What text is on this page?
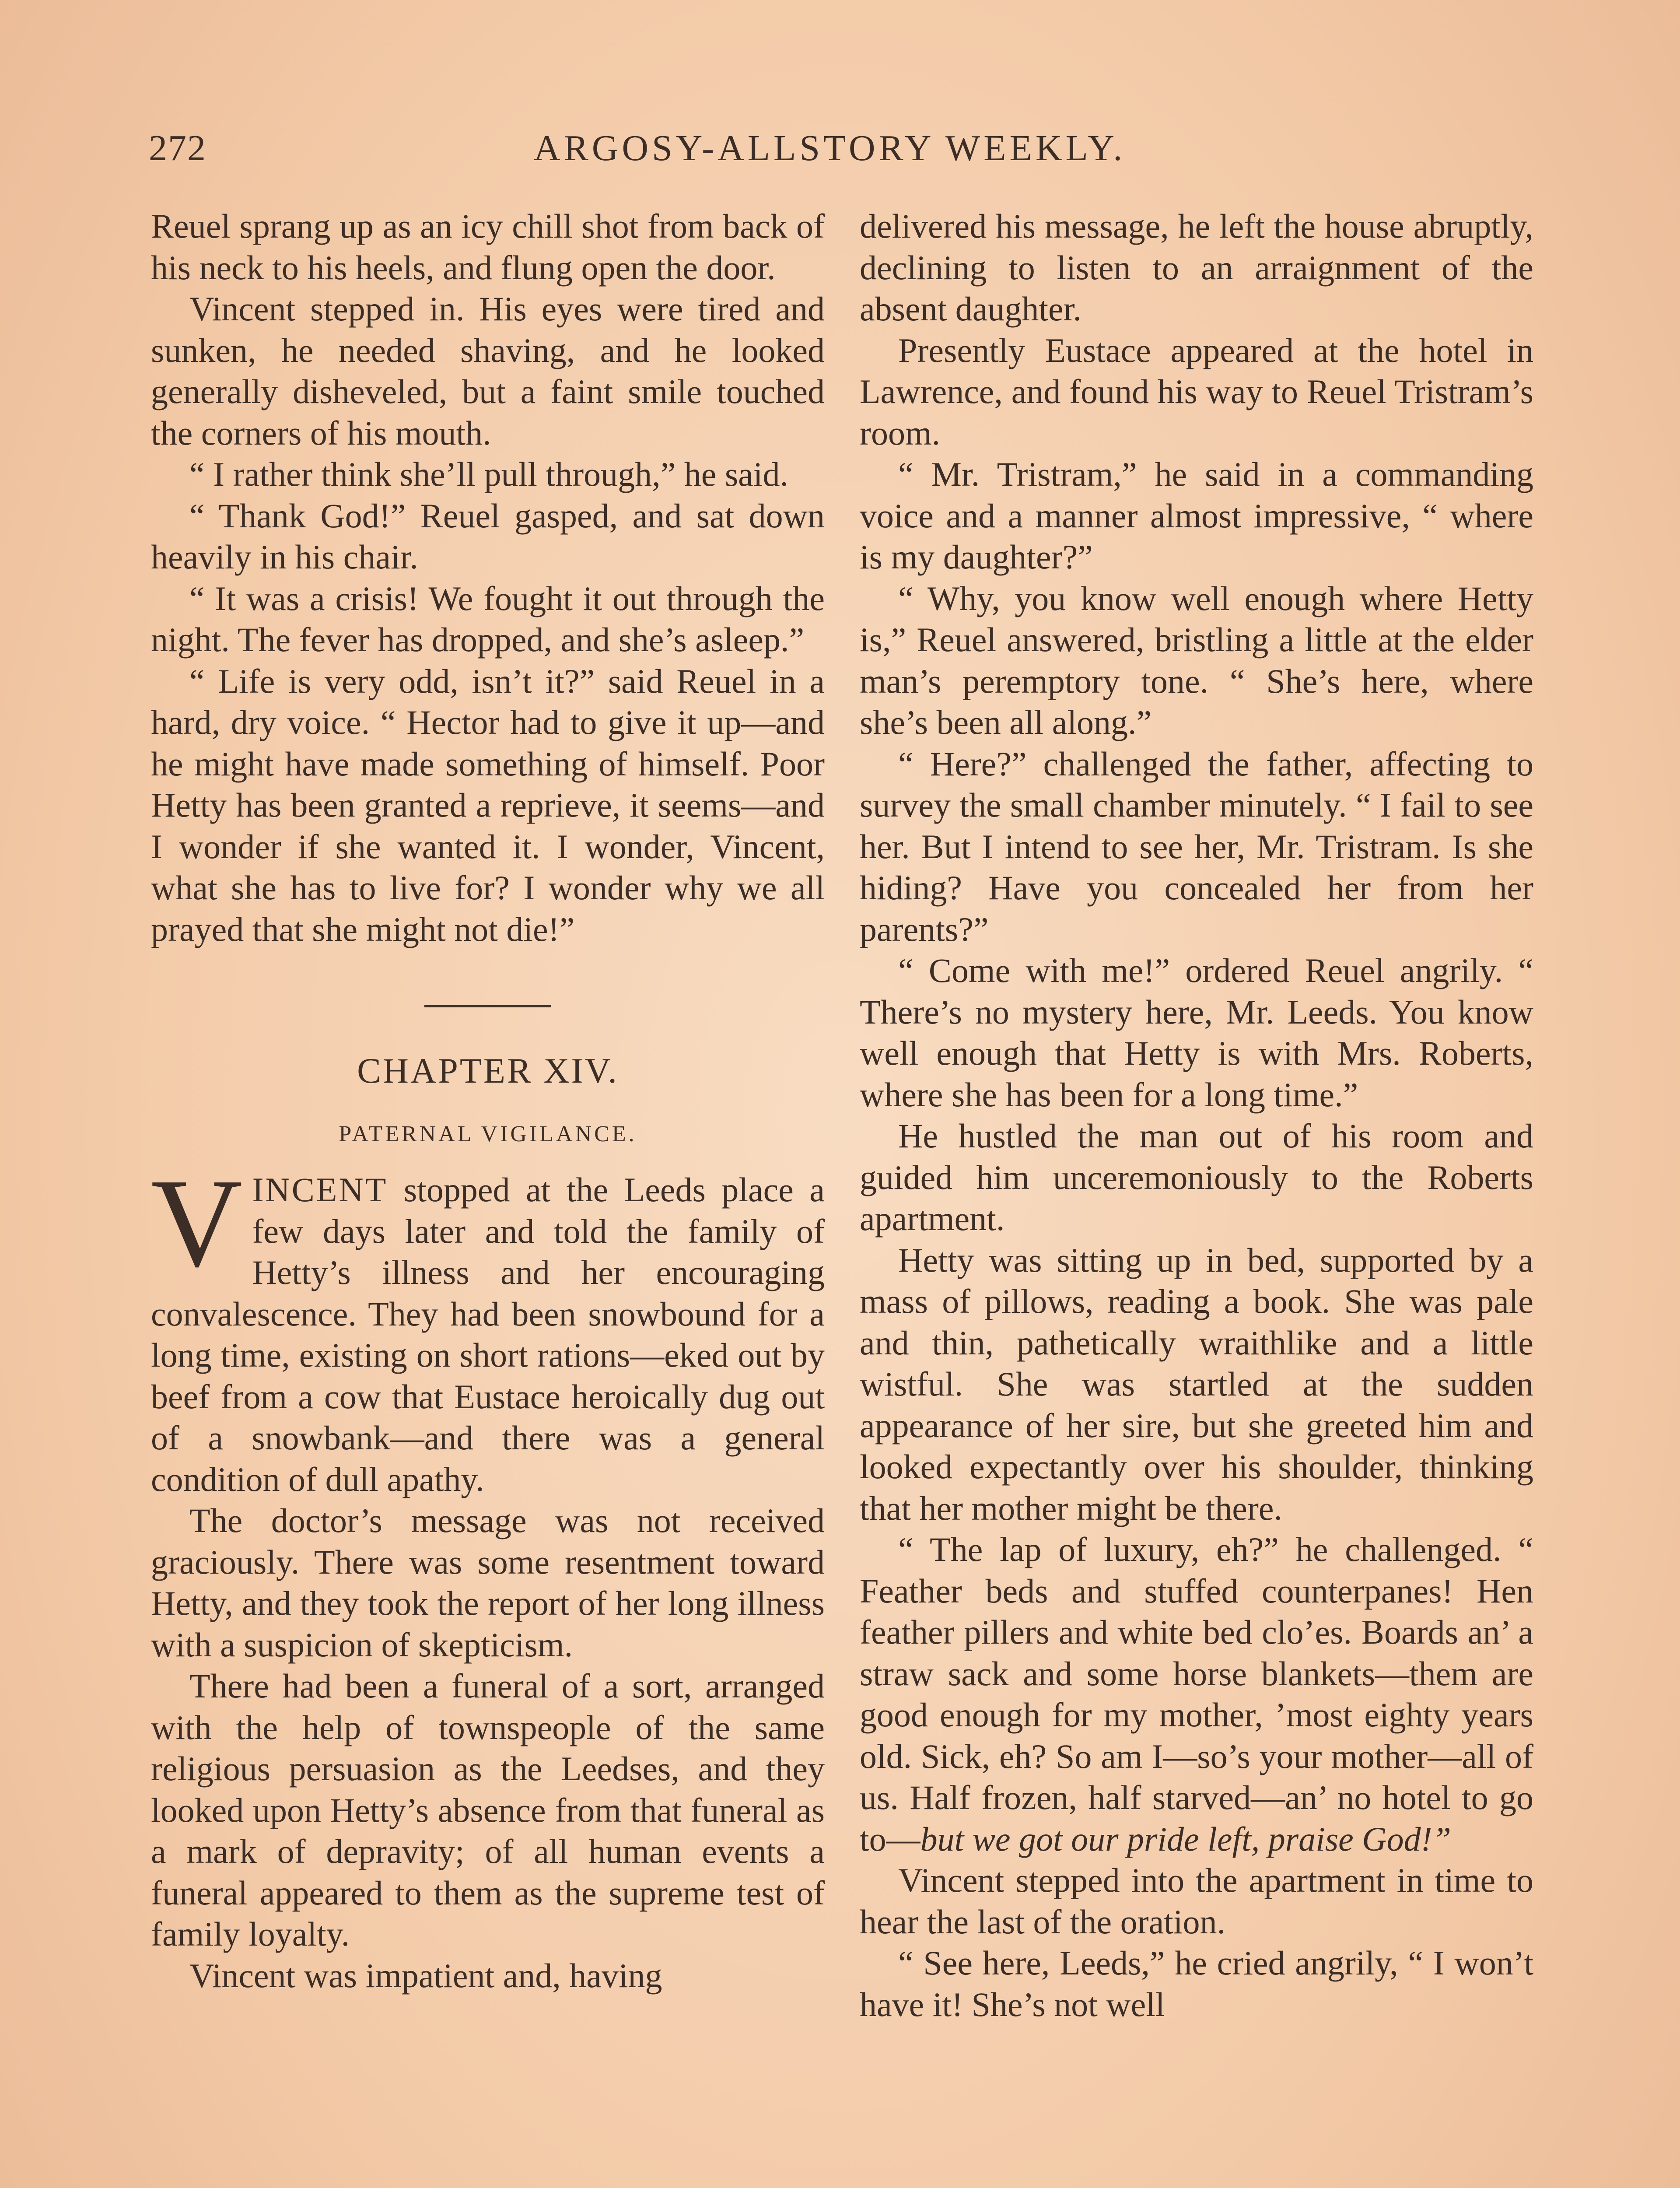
272	ARGOSY-ALLSTORY WEEKLY.

Reuel sprang up as an icy chill shot from back of his neck to his heels, and flung open the door.

Vincent stepped in. His eyes were tired and sunken, he needed shaving, and he looked generally disheveled, but a faint smile touched the corners of his mouth.

“ I rather think she’ll pull through,” he said.

“ Thank God!” Reuel gasped, and sat down heavily in his chair.

“ It was a crisis! We fought it out through the night. The fever has dropped, and she’s asleep.”

“ Life is very odd, isn’t it?” said Reuel in a hard, dry voice. “ Hector had to give it up—and he might have made something of himself. Poor Hetty has been granted a reprieve, it seems—and I wonder if she wanted it. I wonder, Vincent, what she has to live for? I wonder why we all prayed that she might not die!”

CHAPTER XIV.
PATERNAL VIGILANCE.

VINCENT stopped at the Leeds place a few days later and told the family of Hetty’s illness and her encouraging convalescence. They had been snowbound for a long time, existing on short rations—eked out by beef from a cow that Eustace heroically dug out of a snowbank—and there was a general condition of dull apathy.

The doctor’s message was not received graciously. There was some resentment toward Hetty, and they took the report of her long illness with a suspicion of skepticism.

There had been a funeral of a sort, arranged with the help of townspeople of the same religious persuasion as the Leedses, and they looked upon Hetty’s absence from that funeral as a mark of depravity; of all human events a funeral appeared to them as the supreme test of family loyalty.

Vincent was impatient and, having

delivered his message, he left the house abruptly, declining to listen to an arraignment of the absent daughter.

Presently Eustace appeared at the hotel in Lawrence, and found his way to Reuel Tristram’s room.

“ Mr. Tristram,” he said in a commanding voice and a manner almost impressive, “ where is my daughter?”

“ Why, you know well enough where Hetty is,” Reuel answered, bristling a little at the elder man’s peremptory tone. “ She’s here, where she’s been all along.”

“ Here?” challenged the father, affecting to survey the small chamber minutely. “ I fail to see her. But I intend to see her, Mr. Tristram. Is she hiding? Have you concealed her from her parents?”

“ Come with me!” ordered Reuel angrily. “ There’s no mystery here, Mr. Leeds. You know well enough that Hetty is with Mrs. Roberts, where she has been for a long time.”

He hustled the man out of his room and guided him unceremoniously to the Roberts apartment.

Hetty was sitting up in bed, supported by a mass of pillows, reading a book. She was pale and thin, pathetically wraithlike and a little wistful. She was startled at the sudden appearance of her sire, but she greeted him and looked expectantly over his shoulder, thinking that her mother might be there.

“ The lap of luxury, eh?” he challenged. “ Feather beds and stuffed counterpanes! Hen feather pillers and white bed clo’es. Boards an’ a straw sack and some horse blankets—them are good enough for my mother, ’most eighty years old. Sick, eh? So am I—so’s your mother—all of us. Half frozen, half starved—an’ no hotel to go to—but we got our pride left, praise God!”

Vincent stepped into the apartment in time to hear the last of the oration.

“ See here, Leeds,” he cried angrily, “ I won’t have it! She’s not well
